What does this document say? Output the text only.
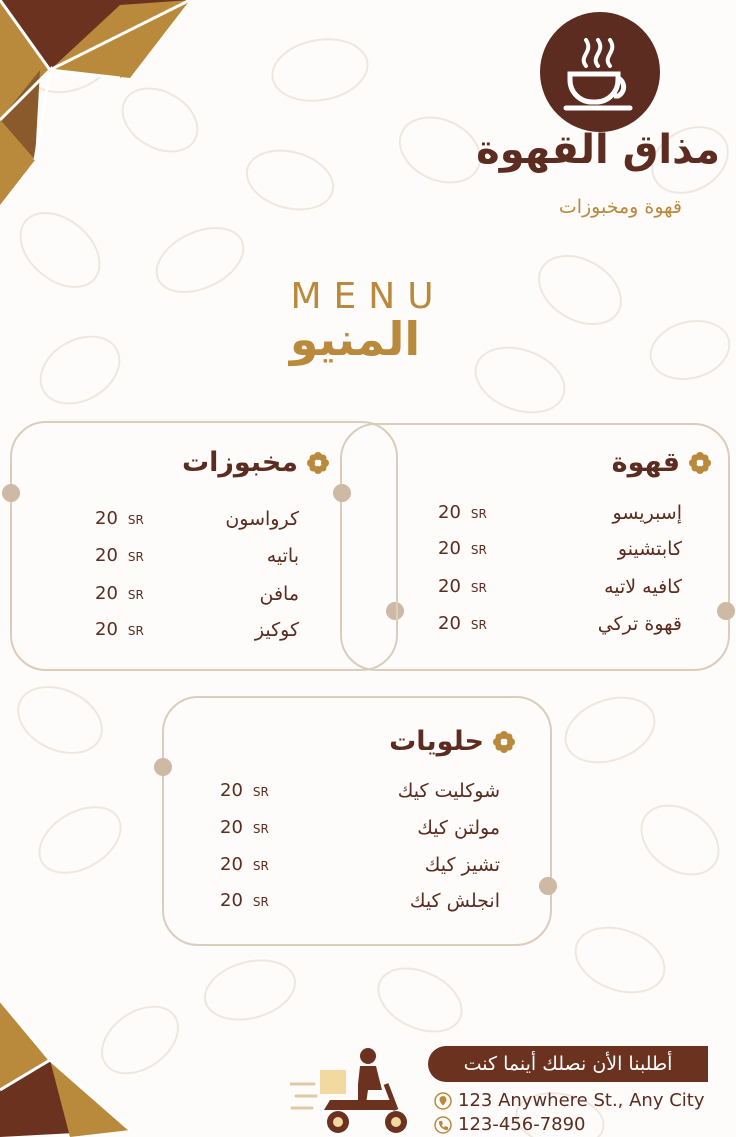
مذاق القهوة
قهوة ومخبوزات
MENU
المنيو
قهوة
إسبريسو
20 SR
كابتشينو
20 SR
كافيه لاتيه
20 SR
قهوة تركي
20 SR
مخبوزات
كرواسون
20 SR
باتيه
20 SR
مافن
20 SR
كوكيز
20 SR
حلويات
شوكليت كيك
20 SR
مولتن كيك
20 SR
تشيز كيك
20 SR
انجلش كيك
20 SR
أطلبنا الأن نصلك أينما كنت
123 Anywhere St., Any City
123-456-7890
